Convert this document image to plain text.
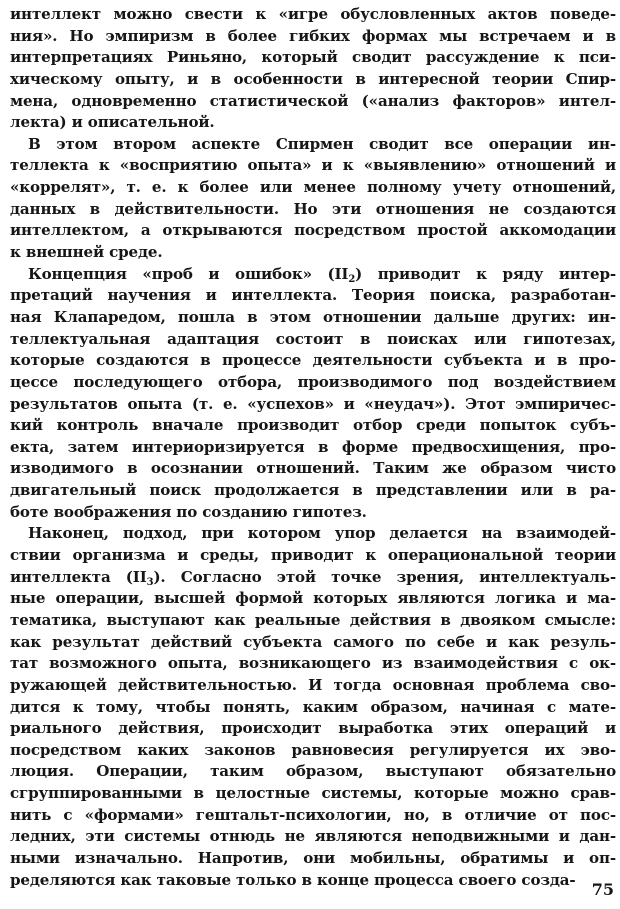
интеллект можно свести к «игре обусловленных актов поведе-
ния». Но эмпиризм в более гибких формах мы встречаем и в
интерпретациях Риньяно, который сводит рассуждение к пси-
хическому опыту, и в особенности в интересной теории Спир-
мена, одновременно статистической («анализ факторов» интел-
лекта) и описательной.
В этом втором аспекте Спирмен сводит все операции ин-
теллекта к «восприятию опыта» и к «выявлению» отношений и
«коррелят», т. е. к более или менее полному учету отношений,
данных в действительности. Но эти отношения не создаются
интеллектом, а открываются посредством простой аккомодации
к внешней среде.
Концепция «проб и ошибок» $(II_2)$ приводит к ряду интер-
претаций научения и интеллекта. Теория поиска, разработан-
ная Клапаредом, пошла в этом отношении дальше других: ин-
теллектуальная адаптация состоит в поисках или гипотезах,
которые создаются в процессе деятельности субъекта и в про-
цессе последующего отбора, производимого под воздействием
результатов опыта (т. е. «успехов» и «неудач»). Этот эмпиричес-
кий контроль вначале производит отбор среди попыток субъ-
екта, затем интериоризируется в форме предвосхищения, про-
изводимого в осознании отношений. Таким же образом чисто
двигательный поиск продолжается в представлении или в ра-
боте воображения по созданию гипотез.
Наконец, подход, при котором упор делается на взаимодей-
ствии организма и среды, приводит к операциональной теории
интеллекта $(II_3)$. Согласно этой точке зрения, интеллектуаль-
ные операции, высшей формой которых являются логика и ма-
тематика, выступают как реальные действия в двояком смысле:
как результат действий субъекта самого по себе и как резуль-
тат возможного опыта, возникающего из взаимодействия с ок-
ружающей действительностью. И тогда основная проблема сво-
дится к тому, чтобы понять, каким образом, начиная с мате-
риального действия, происходит выработка этих операций и
посредством каких законов равновесия регулируется их эво-
люция. Операции, таким образом, выступают обязательно
сгруппированными в целостные системы, которые можно срав-
нить с «формами» гештальт-психологии, но, в отличие от пос-
ледних, эти системы отнюдь не являются неподвижными и дан-
ными изначально. Напротив, они мобильны, обратимы и оп-
ределяются как таковые только в конце процесса своего созда-
75
